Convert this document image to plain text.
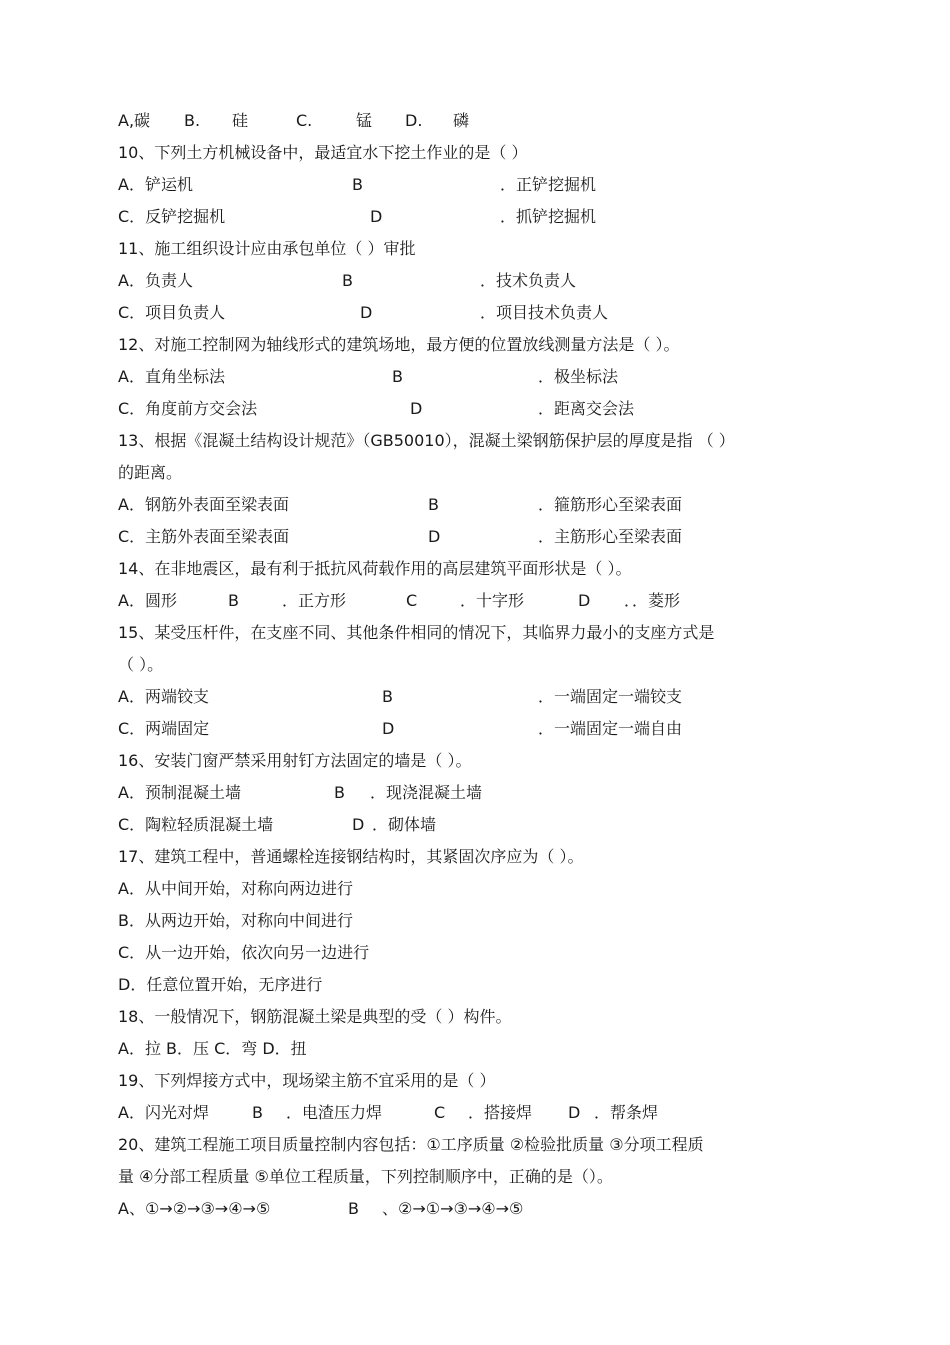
A,碳 B. 硅	C.	锰 D. 磷
10、下列土方机械设备中，最适宜水下挖土作业的是（ ）
A．铲运机	B	．正铲挖掘机
C．反铲挖掘机	D	．抓铲挖掘机
11、施工组织设计应由承包单位（ ）审批
A．负责人	B	．技术负责人
C．项目负责人	D	．项目技术负责人
12、对施工控制网为轴线形式的建筑场地，最方便的位置放线测量方法是（ ）。
A．直角坐标法	B	．极坐标法
C．角度前方交会法	D	．距离交会法
13、根据《混凝土结构设计规范》（GB50010），混凝土梁钢筋保护层的厚度是指 （ ）
的距离。
A．钢筋外表面至梁表面	B	．箍筋形心至梁表面
C．主筋外表面至梁表面	D	．主筋形心至梁表面
14、在非地震区，最有利于抵抗风荷载作用的高层建筑平面形状是（ ）。
A．圆形	B	．正方形	C	．十字形	D ．．菱形
15、某受压杆件，在支座不同、其他条件相同的情况下，其临界力最小的支座方式是
（ ）。
A．两端铰支	B	．一端固定一端铰支
C．两端固定	D	．一端固定一端自由
16、安装门窗严禁采用射钉方法固定的墙是（ ）。
A．预制混凝土墙	B ．现浇混凝土墙
C．陶粒轻质混凝土墙	D ．砌体墙
17、建筑工程中，普通螺栓连接钢结构时，其紧固次序应为（ ）。
A．从中间开始，对称向两边进行
B．从两边开始，对称向中间进行
C．从一边开始，依次向另一边进行
D．任意位置开始，无序进行
18、一般情况下，钢筋混凝土梁是典型的受（ ）构件。
A．拉 B．压 C．弯 D．扭
19、下列焊接方式中，现场梁主筋不宜采用的是（ ）
A．闪光对焊	B ．电渣压力焊	C ．搭接焊 D ．帮条焊
20、建筑工程施工项目质量控制内容包括：①工序质量 ②检验批质量 ③分项工程质
量 ④分部工程质量 ⑤单位工程质量，下列控制顺序中，正确的是（）。
A、①→②→③→④→⑤	B 、②→①→③→④→⑤
